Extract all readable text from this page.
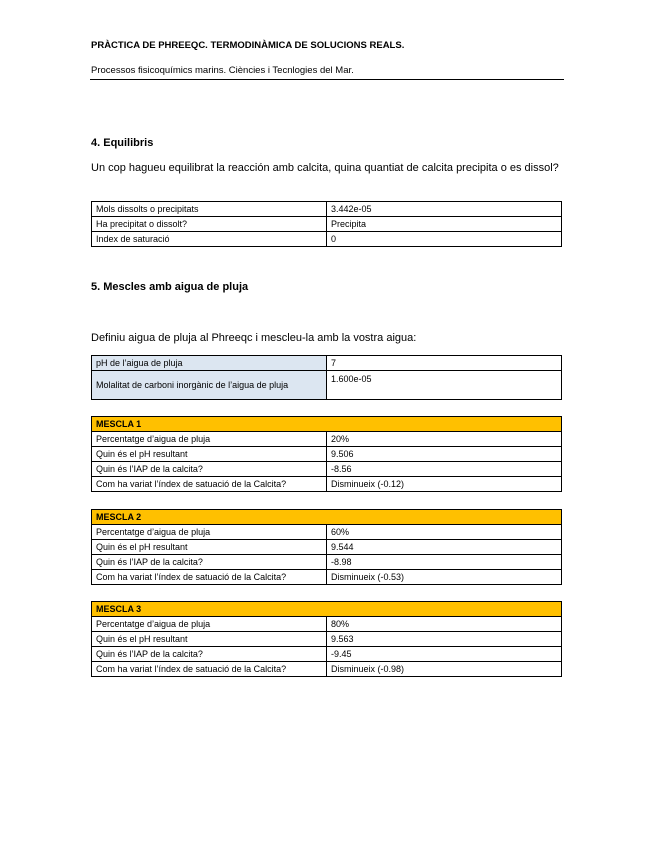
PRÀCTICA DE PHREEQC. TERMODINÀMICA DE SOLUCIONS REALS.
Processos fisicoquímics marins. Ciències i Tecnlogies del Mar.
4. Equilibris
Un cop hagueu equilibrat la reacción amb calcita, quina quantiat de calcita precipita o es dissol?
Mols dissolts o precipitats	3.442e-05
Ha precipitat o dissolt?	Precipita
Index de saturació	0
5. Mescles amb aigua de pluja
Definiu aigua de pluja al Phreeqc i mescleu-la amb la vostra aigua:
pH de l’aigua de pluja	7
Molalitat de carboni inorgànic de l’aigua de pluja	1.600e-05
MESCLA 1	
Percentatge d’aigua de pluja	20%
Quin és el pH resultant	9.506
Quin és l’IAP de la calcita?	-8.56
Com ha variat l’índex de satuació de la Calcita?	Disminueix (-0.12)
MESCLA 2	
Percentatge d’aigua de pluja	60%
Quin és el pH resultant	9.544
Quin és l’IAP de la calcita?	-8.98
Com ha variat l’índex de satuació de la Calcita?	Disminueix (-0.53)
MESCLA 3	
Percentatge d’aigua de pluja	80%
Quin és el pH resultant	9.563
Quin és l’IAP de la calcita?	-9.45
Com ha variat l’índex de satuació de la Calcita?	Disminueix (-0.98)
